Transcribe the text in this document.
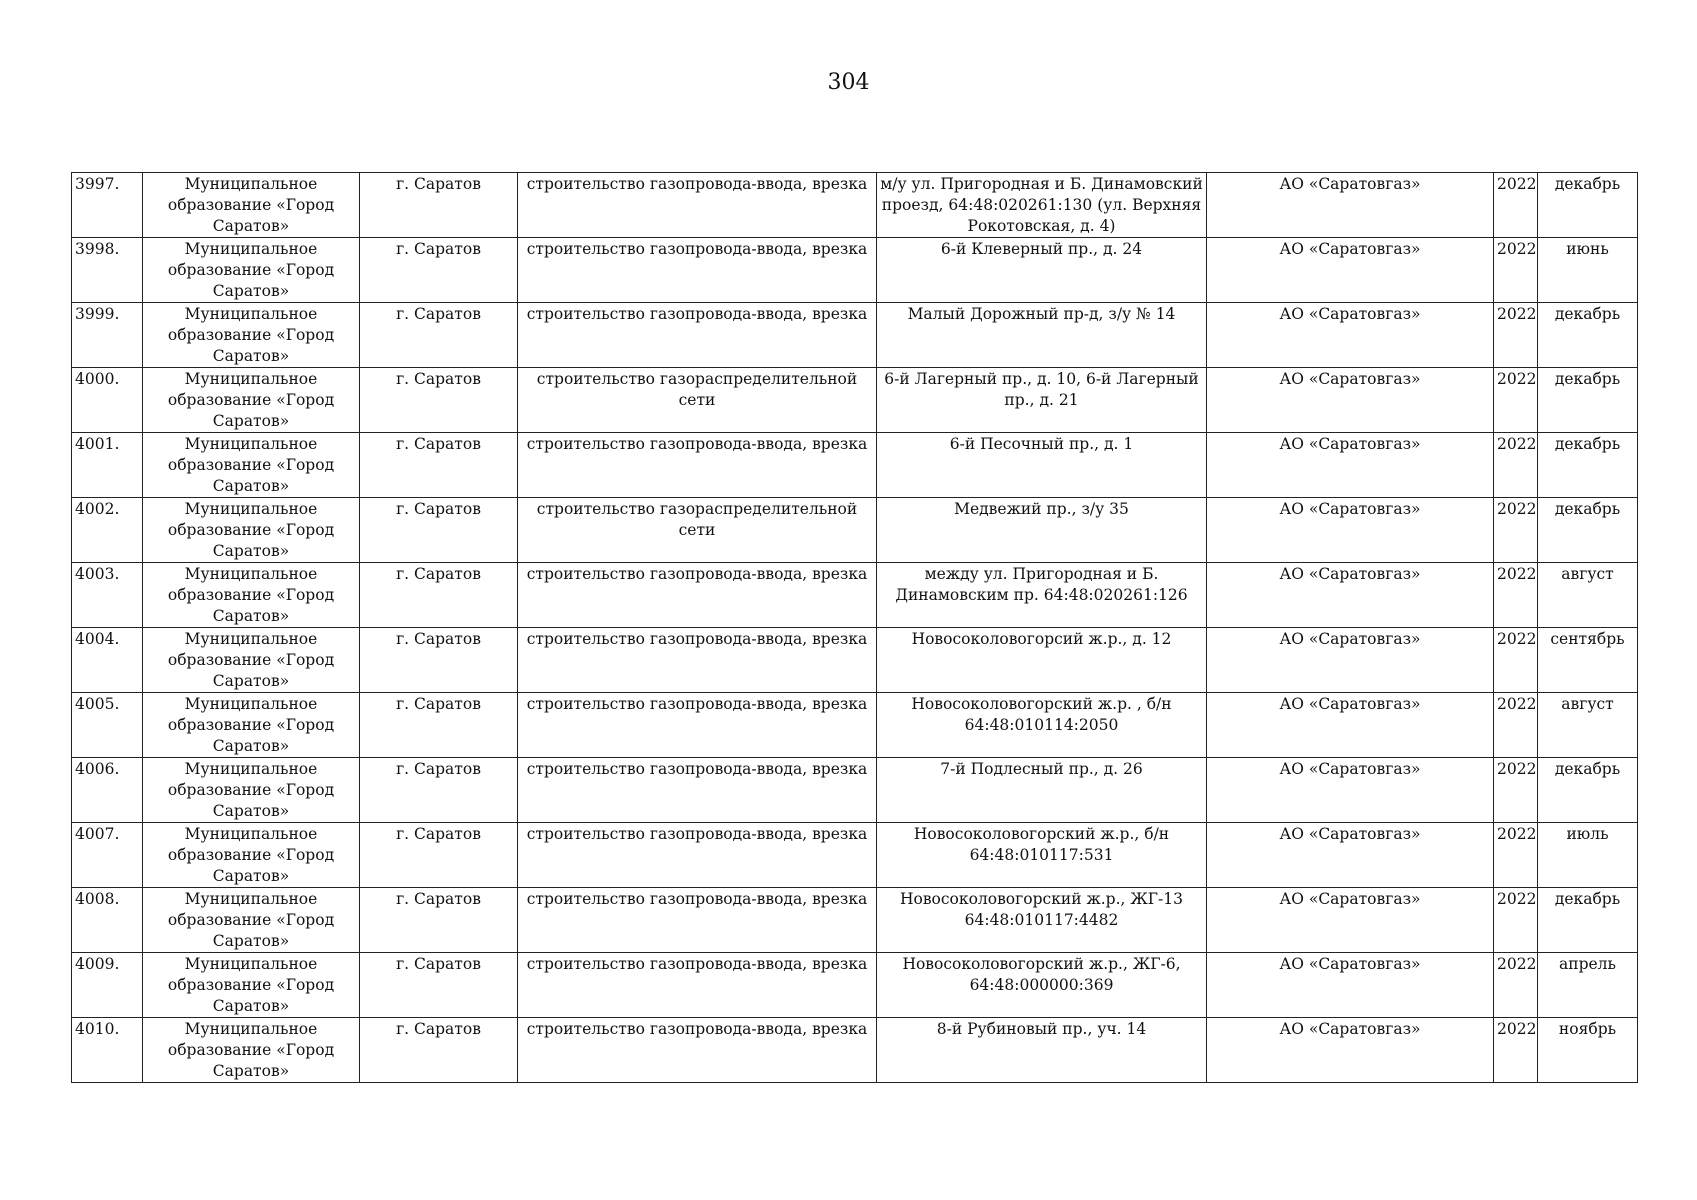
304
3997.	Муниципальное образование «Город Саратов»	г. Саратов	строительство газопровода-ввода, врезка	м/у ул. Пригородная и Б. Динамовский проезд, 64:48:020261:130 (ул. Верхняя Рокотовская, д. 4)	АО «Саратовгаз»	2022	декабрь
3998.	Муниципальное образование «Город Саратов»	г. Саратов	строительство газопровода-ввода, врезка	6-й Клеверный пр., д. 24	АО «Саратовгаз»	2022	июнь
3999.	Муниципальное образование «Город Саратов»	г. Саратов	строительство газопровода-ввода, врезка	Малый Дорожный пр-д, з/у № 14	АО «Саратовгаз»	2022	декабрь
4000.	Муниципальное образование «Город Саратов»	г. Саратов	строительство газораспределительной сети	6-й Лагерный пр., д. 10, 6-й Лагерный пр., д. 21	АО «Саратовгаз»	2022	декабрь
4001.	Муниципальное образование «Город Саратов»	г. Саратов	строительство газопровода-ввода, врезка	6-й Песочный пр., д. 1	АО «Саратовгаз»	2022	декабрь
4002.	Муниципальное образование «Город Саратов»	г. Саратов	строительство газораспределительной сети	Медвежий пр., з/у 35	АО «Саратовгаз»	2022	декабрь
4003.	Муниципальное образование «Город Саратов»	г. Саратов	строительство газопровода-ввода, врезка	между ул. Пригородная и Б. Динамовским пр. 64:48:020261:126	АО «Саратовгаз»	2022	август
4004.	Муниципальное образование «Город Саратов»	г. Саратов	строительство газопровода-ввода, врезка	Новосоколовогорсий ж.р., д. 12	АО «Саратовгаз»	2022	сентябрь
4005.	Муниципальное образование «Город Саратов»	г. Саратов	строительство газопровода-ввода, врезка	Новосоколовогорский ж.р. , б/н 64:48:010114:2050	АО «Саратовгаз»	2022	август
4006.	Муниципальное образование «Город Саратов»	г. Саратов	строительство газопровода-ввода, врезка	7-й Подлесный пр., д. 26	АО «Саратовгаз»	2022	декабрь
4007.	Муниципальное образование «Город Саратов»	г. Саратов	строительство газопровода-ввода, врезка	Новосоколовогорский ж.р., б/н 64:48:010117:531	АО «Саратовгаз»	2022	июль
4008.	Муниципальное образование «Город Саратов»	г. Саратов	строительство газопровода-ввода, врезка	Новосоколовогорский ж.р., ЖГ-13 64:48:010117:4482	АО «Саратовгаз»	2022	декабрь
4009.	Муниципальное образование «Город Саратов»	г. Саратов	строительство газопровода-ввода, врезка	Новосоколовогорский ж.р., ЖГ-6, 64:48:000000:369	АО «Саратовгаз»	2022	апрель
4010.	Муниципальное образование «Город Саратов»	г. Саратов	строительство газопровода-ввода, врезка	8-й Рубиновый пр., уч. 14	АО «Саратовгаз»	2022	ноябрь
